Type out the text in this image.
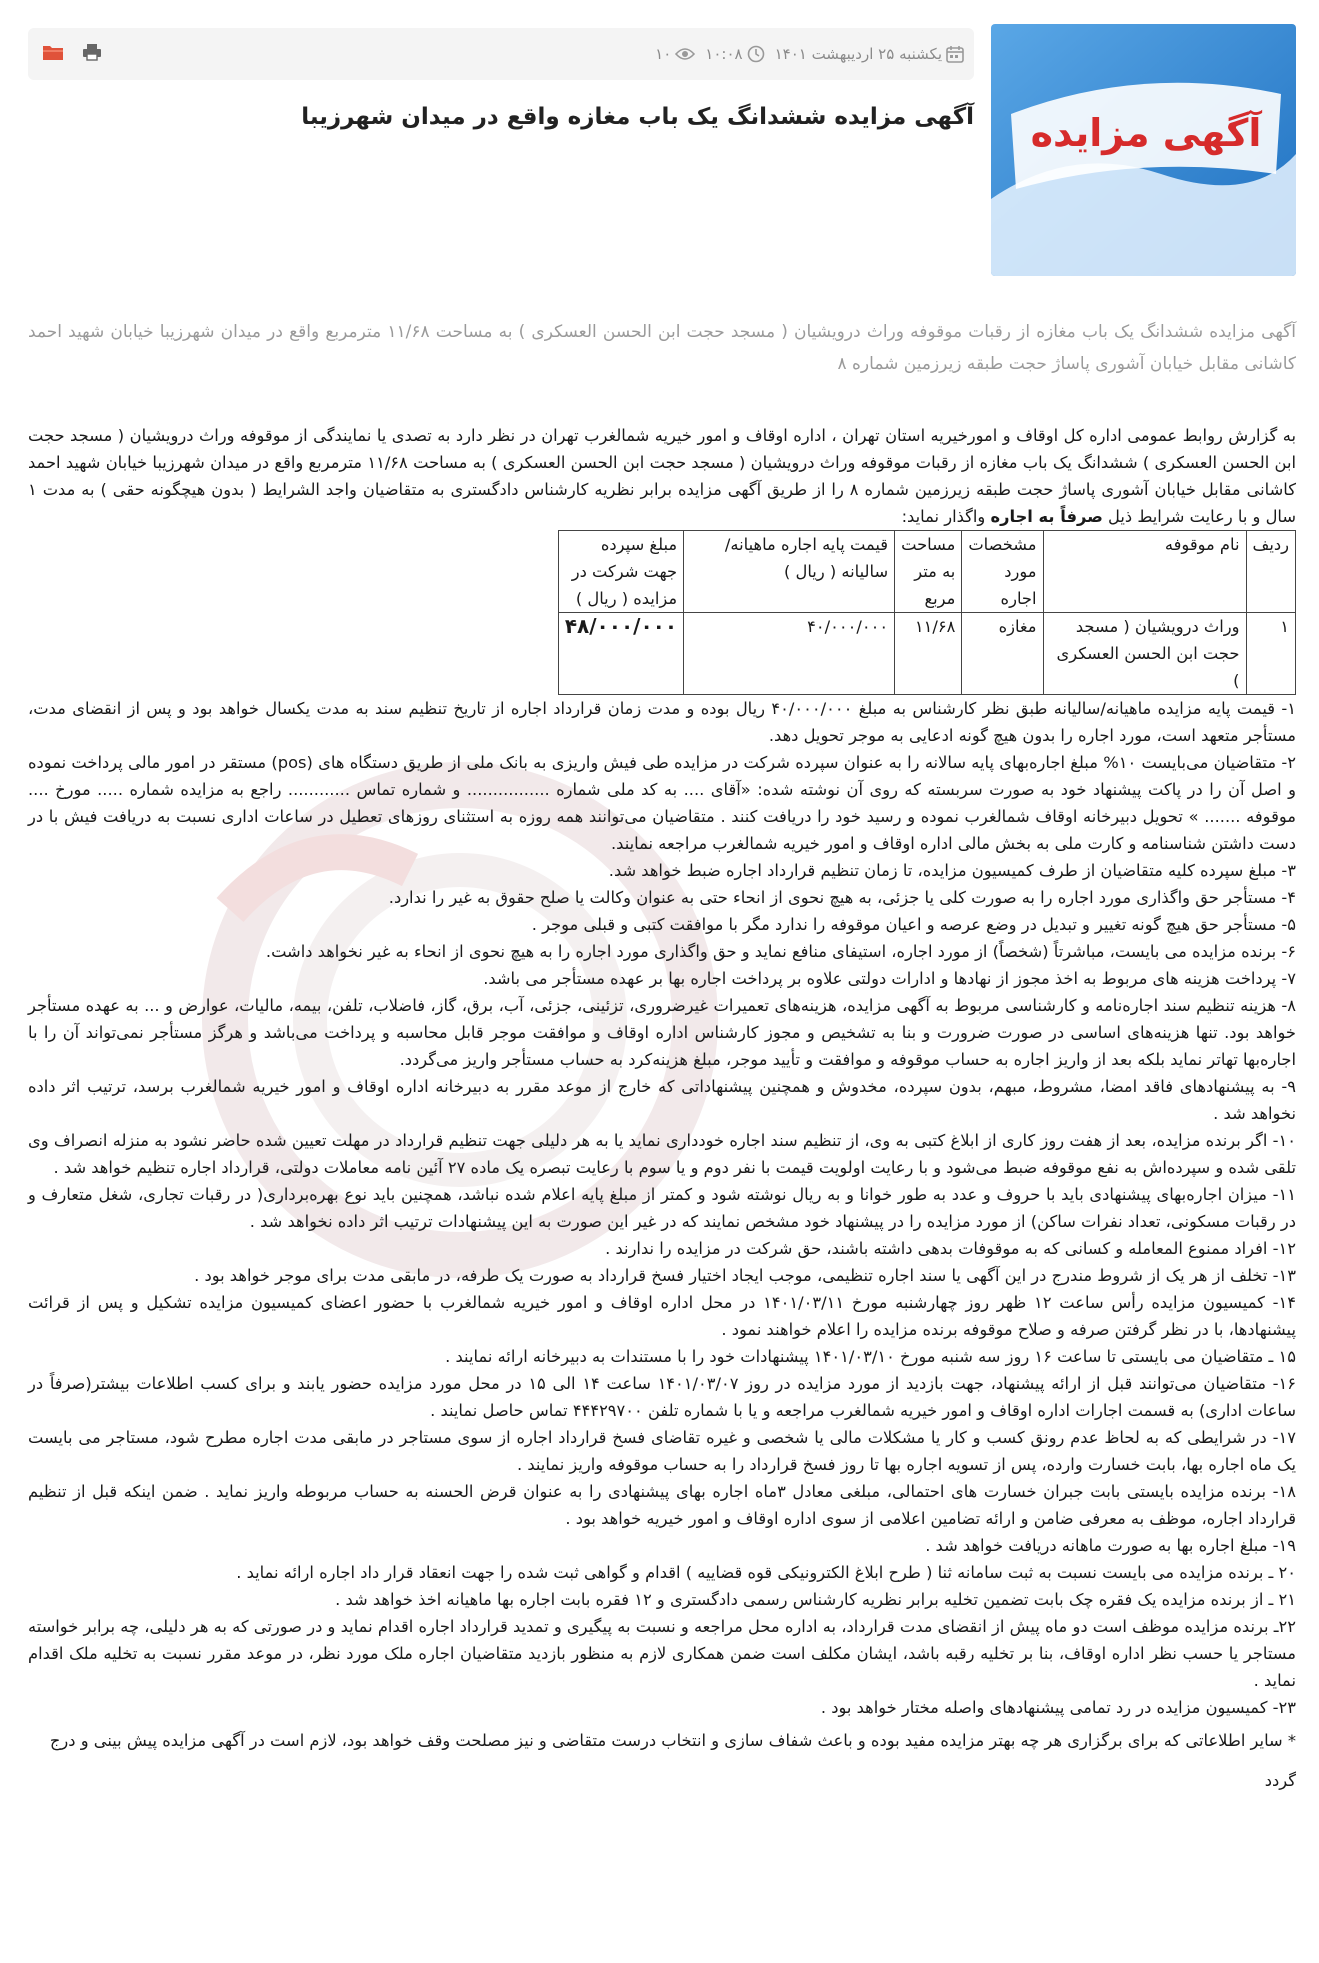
آگهی مزایده
یکشنبه ۲۵ اردیبهشت ۱۴۰۱
۱۰:۰۸
۱۰
آگهی مزایده ششدانگ یک باب مغازه واقع در میدان شهرزیبا
آگهی مزایده ششدانگ یک باب مغازه از رقبات موقوفه وراث درویشیان ( مسجد حجت ابن الحسن العسکری ) به مساحت ۱۱/۶۸ مترمربع واقع در میدان شهرزیبا خیابان شهید احمد کاشانی مقابل خیابان آشوری پاساژ حجت طبقه زیرزمین شماره ۸

به گزارش روابط عمومی اداره کل اوقاف و امورخیریه استان تهران ، اداره اوقاف و امور خیریه شمالغرب تهران در نظر دارد به تصدی یا نمایندگی از موقوفه وراث درویشیان ( مسجد حجت ابن الحسن العسکری ) ششدانگ یک باب مغازه از رقبات موقوفه وراث درویشیان ( مسجد حجت ابن الحسن العسکری ) به مساحت ۱۱/۶۸ مترمربع واقع در میدان شهرزیبا خیابان شهید احمد کاشانی مقابل خیابان آشوری پاساژ حجت طبقه زیرزمین شماره ۸ را از طریق آگهی مزایده برابر نظریه کارشناس دادگستری به متقاضیان واجد الشرایط ( بدون هیچگونه حقی ) به مدت ۱ سال و با رعایت شرایط ذیل صرفاً به اجاره واگذار نماید:

ردیف	نام موقوفه	مشخصات مورد اجاره	مساحت به متر مربع	قیمت پایه اجاره ماهیانه/سالیانه ( ریال )	مبلغ سپرده جهت شرکت در مزایده ( ریال )
۱	وراث درویشیان ( مسجد حجت ابن الحسن العسکری )	مغازه	۱۱/۶۸	۴۰/۰۰۰/۰۰۰	۴۸/۰۰۰/۰۰۰

۱- قیمت پایه مزایده ماهیانه/سالیانه طبق نظر کارشناس به مبلغ ۴۰/۰۰۰/۰۰۰ ریال بوده و مدت زمان قرارداد اجاره از تاریخ تنظیم سند به مدت یکسال خواهد بود و پس از انقضای مدت، مستأجر متعهد است، مورد اجاره را بدون هیچ گونه ادعایی به موجر تحویل دهد.

۲- متقاضیان می‌بایست ۱۰% مبلغ اجاره‌بهای پایه سالانه را به عنوان سپرده شرکت در مزایده طی فیش واریزی به بانک ملی از طریق دستگاه های (pos) مستقر در امور مالی پرداخت نموده و اصل آن را در پاکت پیشنهاد خود به صورت سربسته که روی آن نوشته شده: «آقای .... به کد ملی شماره ................ و شماره تماس ............ راجع به مزایده شماره ..... مورخ .... موقوفه ....... » تحویل دبیرخانه اوقاف شمالغرب نموده و رسید خود را دریافت کنند . متقاضیان می‌توانند همه روزه به استثنای روزهای تعطیل در ساعات اداری نسبت به دریافت فیش با در دست داشتن شناسنامه و کارت ملی به بخش مالی اداره اوقاف و امور خیریه شمالغرب مراجعه نمایند.

۳- مبلغ سپرده کلیه متقاضیان از طرف کمیسیون مزایده، تا زمان تنظیم قرارداد اجاره ضبط خواهد شد.

۴- مستأجر حق واگذاری مورد اجاره را به صورت کلی یا جزئی، به هیچ نحوی از انحاء حتی به عنوان وکالت یا صلح حقوق به غیر را ندارد.

۵- مستأجر حق هیچ گونه تغییر و تبدیل در وضع عرصه و اعیان موقوفه را ندارد مگر با موافقت کتبی و قبلی موجر .

۶- برنده مزایده می بایست، مباشرتاً (شخصاً) از مورد اجاره، استیفای منافع نماید و حق واگذاری مورد اجاره را به هیچ نحوی از انحاء به غیر نخواهد داشت.

۷- پرداخت هزینه های مربوط به اخذ مجوز از نهادها و ادارات دولتی علاوه بر پرداخت اجاره بها بر عهده مستأجر می باشد.

۸- هزینه تنظیم سند اجاره‌نامه و کارشناسی مربوط به آگهی مزایده، هزینه‌های تعمیرات غیرضروری، تزئینی، جزئی، آب، برق، گاز، فاضلاب، تلفن، بیمه، مالیات، عوارض و ... به عهده مستأجر خواهد بود. تنها هزینه‌های اساسی در صورت ضرورت و بنا به تشخیص و مجوز کارشناس اداره اوقاف و موافقت موجر قابل محاسبه و پرداخت می‌باشد و هرگز مستأجر نمی‌تواند آن را با اجاره‌بها تهاتر نماید بلکه بعد از واریز اجاره به حساب موقوفه و موافقت و تأیید موجر، مبلغ هزینه‌کرد به حساب مستأجر واریز می‌گردد.

۹- به پیشنهادهای فاقد امضا، مشروط، مبهم، بدون سپرده، مخدوش و همچنین پیشنهاداتی که خارج از موعد مقرر به دبیرخانه اداره اوقاف و امور خیریه شمالغرب برسد، ترتیب اثر داده نخواهد شد .

۱۰- اگر برنده مزایده، بعد از هفت روز کاری از ابلاغ کتبی به وی، از تنظیم سند اجاره خودداری نماید یا به هر دلیلی جهت تنظیم قرارداد در مهلت تعیین شده حاضر نشود به منزله انصراف وی تلقی شده و سپرده‌اش به نفع موقوفه ضبط می‌شود و با رعایت اولویت قیمت با نفر دوم و یا سوم با رعایت تبصره یک ماده ۲۷ آئین نامه معاملات دولتی، قرارداد اجاره تنظیم خواهد شد .

۱۱- میزان اجاره‌بهای پیشنهادی باید با حروف و عدد به طور خوانا و به ریال نوشته شود و کمتر از مبلغ پایه اعلام شده نباشد، همچنین باید نوع بهره‌برداری( در رقبات تجاری، شغل متعارف و در رقبات مسکونی، تعداد نفرات ساکن) از مورد مزایده را در پیشنهاد خود مشخص نمایند که در غیر این صورت به این پیشنهادات ترتیب اثر داده نخواهد شد .

۱۲- افراد ممنوع المعامله و کسانی که به موقوفات بدهی داشته باشند، حق شرکت در مزایده را ندارند .

۱۳- تخلف از هر یک از شروط مندرج در این آگهی یا سند اجاره تنظیمی، موجب ایجاد اختیار فسخ قرارداد به صورت یک طرفه، در مابقی مدت برای موجر خواهد بود .

۱۴- کمیسیون مزایده رأس ساعت ۱۲ ظهر روز چهارشنبه مورخ ۱۴۰۱/۰۳/۱۱ در محل اداره اوقاف و امور خیریه شمالغرب با حضور اعضای کمیسیون مزایده تشکیل و پس از قرائت پیشنهادها، با در نظر گرفتن صرفه و صلاح موقوفه برنده مزایده را اعلام خواهند نمود .

۱۵ ـ متقاضیان می بایستی تا ساعت ۱۶ روز سه شنبه مورخ ۱۴۰۱/۰۳/۱۰ پیشنهادات خود را با مستندات به دبیرخانه ارائه نمایند .

۱۶- متقاضیان می‌توانند قبل از ارائه پیشنهاد، جهت بازدید از مورد مزایده در روز ۱۴۰۱/۰۳/۰۷ ساعت ۱۴ الی ۱۵ در محل مورد مزایده حضور یابند و برای کسب اطلاعات بیشتر(صرفاً در ساعات اداری) به قسمت اجارات اداره اوقاف و امور خیریه شمالغرب مراجعه و یا با شماره تلفن ۴۴۴۲۹۷۰۰ تماس حاصل نمایند .

۱۷- در شرایطی که به لحاظ عدم رونق کسب و کار یا مشکلات مالی یا شخصی و غیره تقاضای فسخ قرارداد اجاره از سوی مستاجر در مابقی مدت اجاره مطرح شود، مستاجر می بایست یک ماه اجاره بها، بابت خسارت وارده، پس از تسویه اجاره بها تا روز فسخ قرارداد را به حساب موقوفه واریز نمایند .

۱۸- برنده مزایده بایستی بابت جبران خسارت های احتمالی، مبلغی معادل ۳ماه اجاره بهای پیشنهادی را به عنوان قرض الحسنه به حساب مربوطه واریز نماید . ضمن اینکه قبل از تنظیم قرارداد اجاره، موظف به معرفی ضامن و ارائه تضامین اعلامی از سوی اداره اوقاف و امور خیریه خواهد بود .

۱۹- مبلغ اجاره بها به صورت ماهانه دریافت خواهد شد .

۲۰ ـ برنده مزایده می بایست نسبت به ثبت سامانه ثنا ( طرح ابلاغ الکترونیکی قوه قضاییه ) اقدام و گواهی ثبت شده را جهت انعقاد قرار داد اجاره ارائه نماید .

۲۱ ـ از برنده مزایده یک فقره چک بابت تضمین تخلیه برابر نظریه کارشناس رسمی دادگستری و ۱۲ فقره بابت اجاره بها ماهیانه اخذ خواهد شد .

۲۲ـ برنده مزایده موظف است دو ماه پیش از انقضای مدت قرارداد، به اداره محل مراجعه و نسبت به پیگیری و تمدید قرارداد اجاره اقدام نماید و در صورتی که به هر دلیلی، چه برابر خواسته مستاجر یا حسب نظر اداره اوقاف، بنا بر تخلیه رقبه باشد، ایشان مکلف است ضمن همکاری لازم به منظور بازدید متقاضیان اجاره ملک مورد نظر، در موعد مقرر نسبت به تخلیه ملک اقدام نماید .

۲۳- کمیسیون مزایده در رد تمامی پیشنهادهای واصله مختار خواهد بود .

* سایر اطلاعاتی که برای برگزاری هر چه بهتر مزایده مفید بوده و باعث شفاف سازی و انتخاب درست متقاضی و نیز مصلحت وقف خواهد بود، لازم است در آگهی مزایده پیش بینی و درج گردد
